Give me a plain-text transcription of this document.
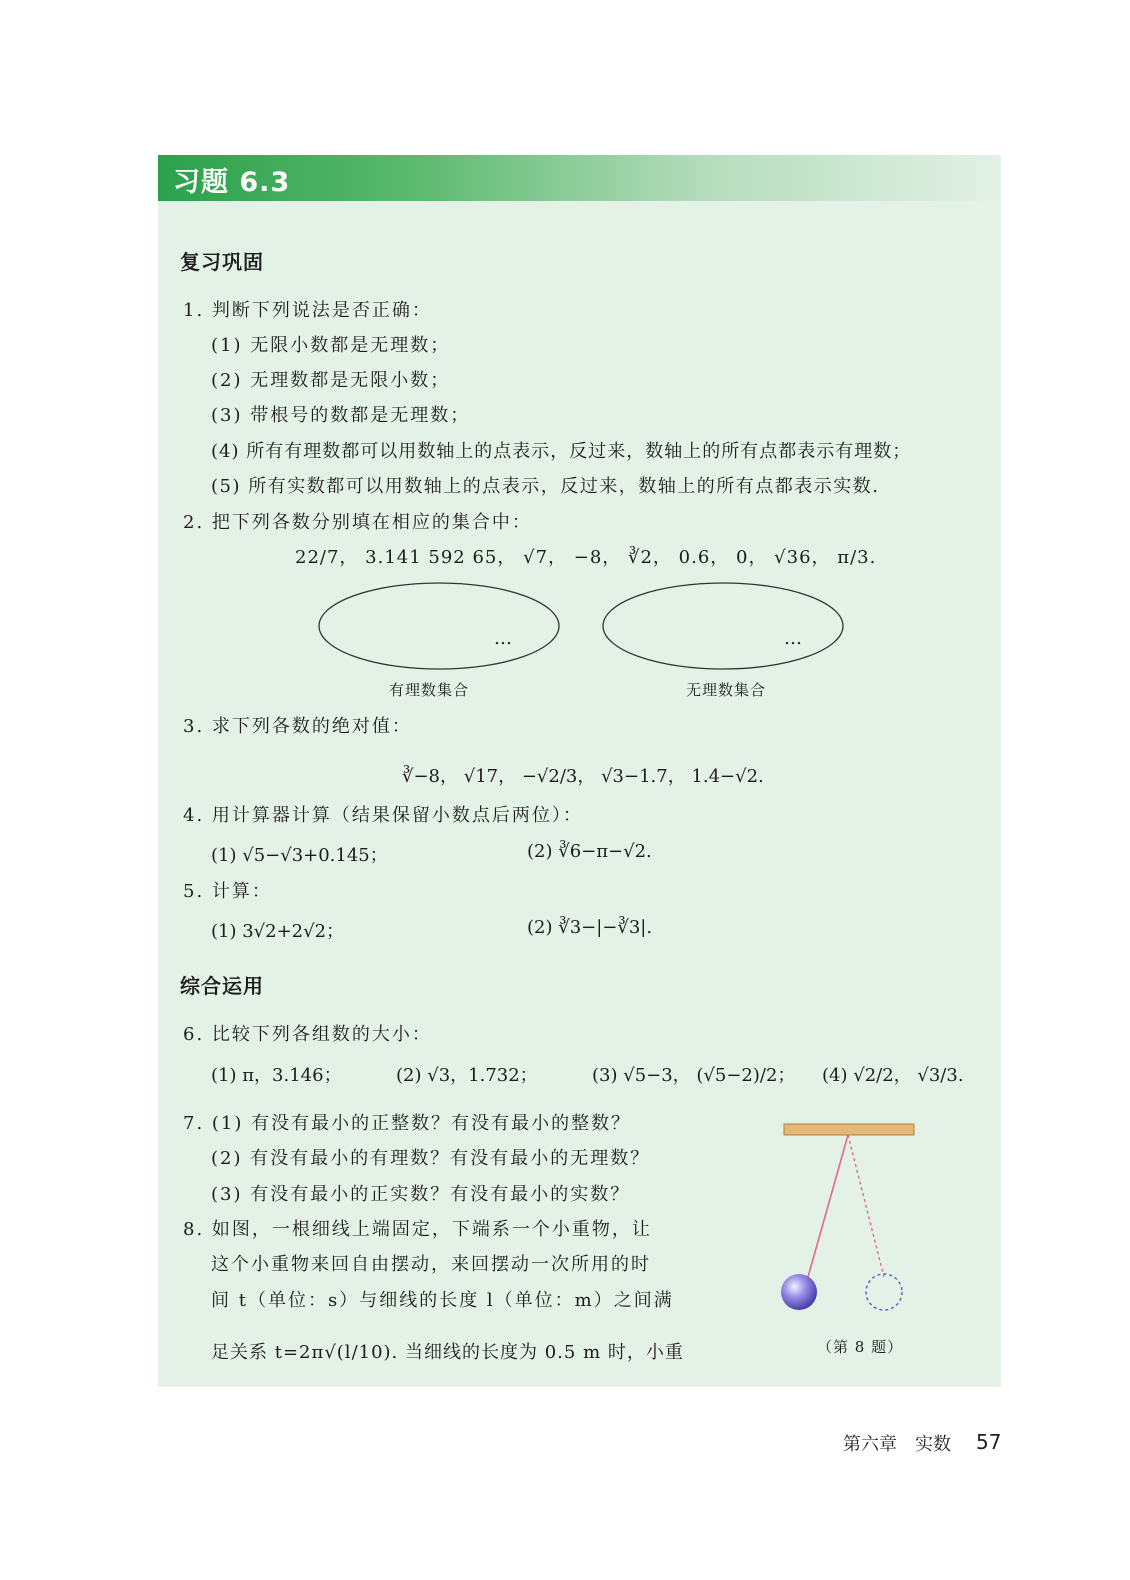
习题 6.3
复习巩固
1. 判断下列说法是否正确：
(1) 无限小数都是无理数；
(2) 无理数都是无限小数；
(3) 带根号的数都是无理数；
(4) 所有有理数都可以用数轴上的点表示，反过来，数轴上的所有点都表示有理数；
(5) 所有实数都可以用数轴上的点表示，反过来，数轴上的所有点都表示实数.
2. 把下列各数分别填在相应的集合中：
22/7， 3.141 592 65， √7， −8， ∛2， 0.6， 0， √36， π/3.
…	…
有理数集合	无理数集合
3. 求下列各数的绝对值：
∛−8， √17， −√2/3， √3−1.7， 1.4−√2.
4. 用计算器计算（结果保留小数点后两位）：
(1) √5−√3+0.145；	(2) ∛6−π−√2.
5. 计算：
(1) 3√2+2√2；	(2) ∛3−|−∛3|.
综合运用
6. 比较下列各组数的大小：
(1) π，3.146；	(2) √3，1.732；	(3) √5−3， (√5−2)/2； (4) √2/2， √3/3.
7. (1) 有没有最小的正整数？有没有最小的整数？
(2) 有没有最小的有理数？有没有最小的无理数？
(3) 有没有最小的正实数？有没有最小的实数？
8. 如图，一根细线上端固定，下端系一个小重物，让
这个小重物来回自由摆动，来回摆动一次所用的时
间 t（单位：s）与细线的长度 l（单位：m）之间满
足关系 t=2π√(l/10). 当细线的长度为 0.5 m 时，小重	（第 8 题）
第六章　实数 57
